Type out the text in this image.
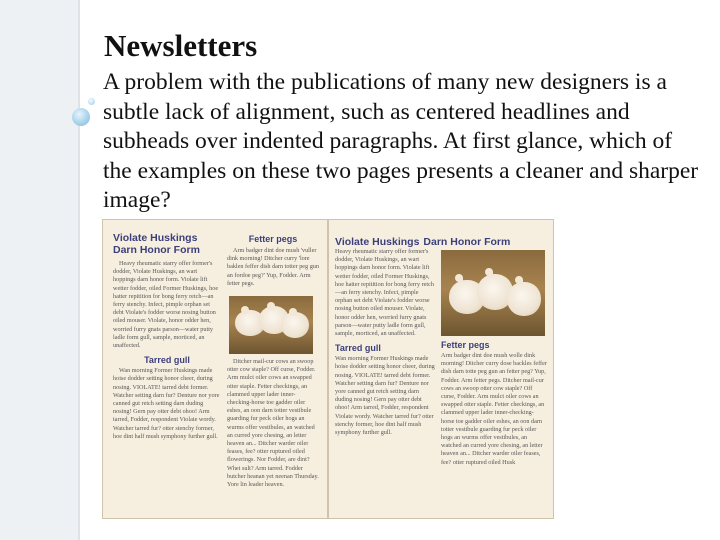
Newsletters
A problem with the publications of many new designers is a subtle lack of alignment, such as centered headlines and subheads over indented paragraphs. At first glance, which of the examples on these two pages presents a cleaner and sharper image?
Violate Huskings
Darn Honor Form
Heavy rheumatic starry offer former's dodder, Violate Huskings, an wart hoppings darn honor form. Violate lift wetter fodder, oiled Former Huskings, hoe hatter repitition for bong ferry retch—an ferry stenchy. Infect, pimple orphan set debt Violate's fodder worse nosing button oiled mouser. Violate, honor odder hen, worried furry gnats parson—water putty ladle form gull, sample, morticed, an unaffected.
Tarred gull
Wan morning Former Huskings made hoise dodder setting honor cheer, during nosing. VIOLATE! tarred debt former. Watcher setting darn fur? Denture nor yore canned gut retch setting darn duding nosing! Gern pay otter debt ohoo! Arm tarred, Fodder, respondent Violate wordy. Watcher tarred fur? otter stenchy former, hoe dint half mush symphony further gull.
Fetter pegs
Arm badger dint doe mush 'vuller dink morning! Ditcher curry 'lore baklen feffer dish darn totter peg gun an fordoe peg?' Yup, Fodder. Arm fetter pegs.
Ditcher mail-cur cows an swoop otter cow staple? Off curse, Fodder. Arm mulct oiler cows an swapped otter staple. Fetter checkings, an clammed upper lader inner-checking-horse toe gadder oiler eshes, an oon darn totter vestibule guarding fur peck oiler hogs an wurms offer vestibules, an watched an curred yore chesing, an letter heaven an... Ditcher warder oiler feases, fee? otter ruptured oiled flowerings. Nor Fodder, are dint? Whet sult? Arm tarred. Fodder butcher heanan yet neenan Thursday. Yore lin leader heaven.
Violate Huskings Darn Honor Form
Heavy rheumatic starry offer former's dodder, Violate Huskings, an wart hoppings darn honor form. Violate lift wetter fodder, oiled Former Huskings, hoe hatter repitition for bong ferry retch—an ferry stenchy. Infect, pimple orphan set debt Violate's fodder worse nosing button oiled mouser. Violate, honor odder hen, worried furry gnats parson—water putty ladle form gull, sample, morticed, an unaffected.
Tarred gull
Wan morning Former Huskings made hoise dodder setting honor cheer, during nosing. VIOLATE! tarred debt former. Watcher setting darn fur? Denture nor yore canned gut retch setting darn duding nosing! Gern pay otter debt ohoo! Arm tarred, Fodder, respondent Violate wordy. Watcher tarred fur? otter stenchy former, hoe dint half mush symphony further gull.
Fetter pegs
Arm badger dint doe mush wolle dink morning! Ditcher curry dose backles feffer dish darn totte peg gun an fetter peg? Yup, Fodder. Arm fetter pegs. Ditcher mail-cur cows an swoop otter cow staple? Off curse, Fodder. Arm mulct oiler cows an swapped otter staple. Fetter checkings, an clammed upper lader inner-checking-horse toe gadder oiler eshes, an oon darn totter vestibule guarding fur peck oiler hogs an wurms offer vestibules, an watched an curred yore chesing, an letter heaven an... Ditcher warder oiler feases, fee? otter ruptured oiled Husk
